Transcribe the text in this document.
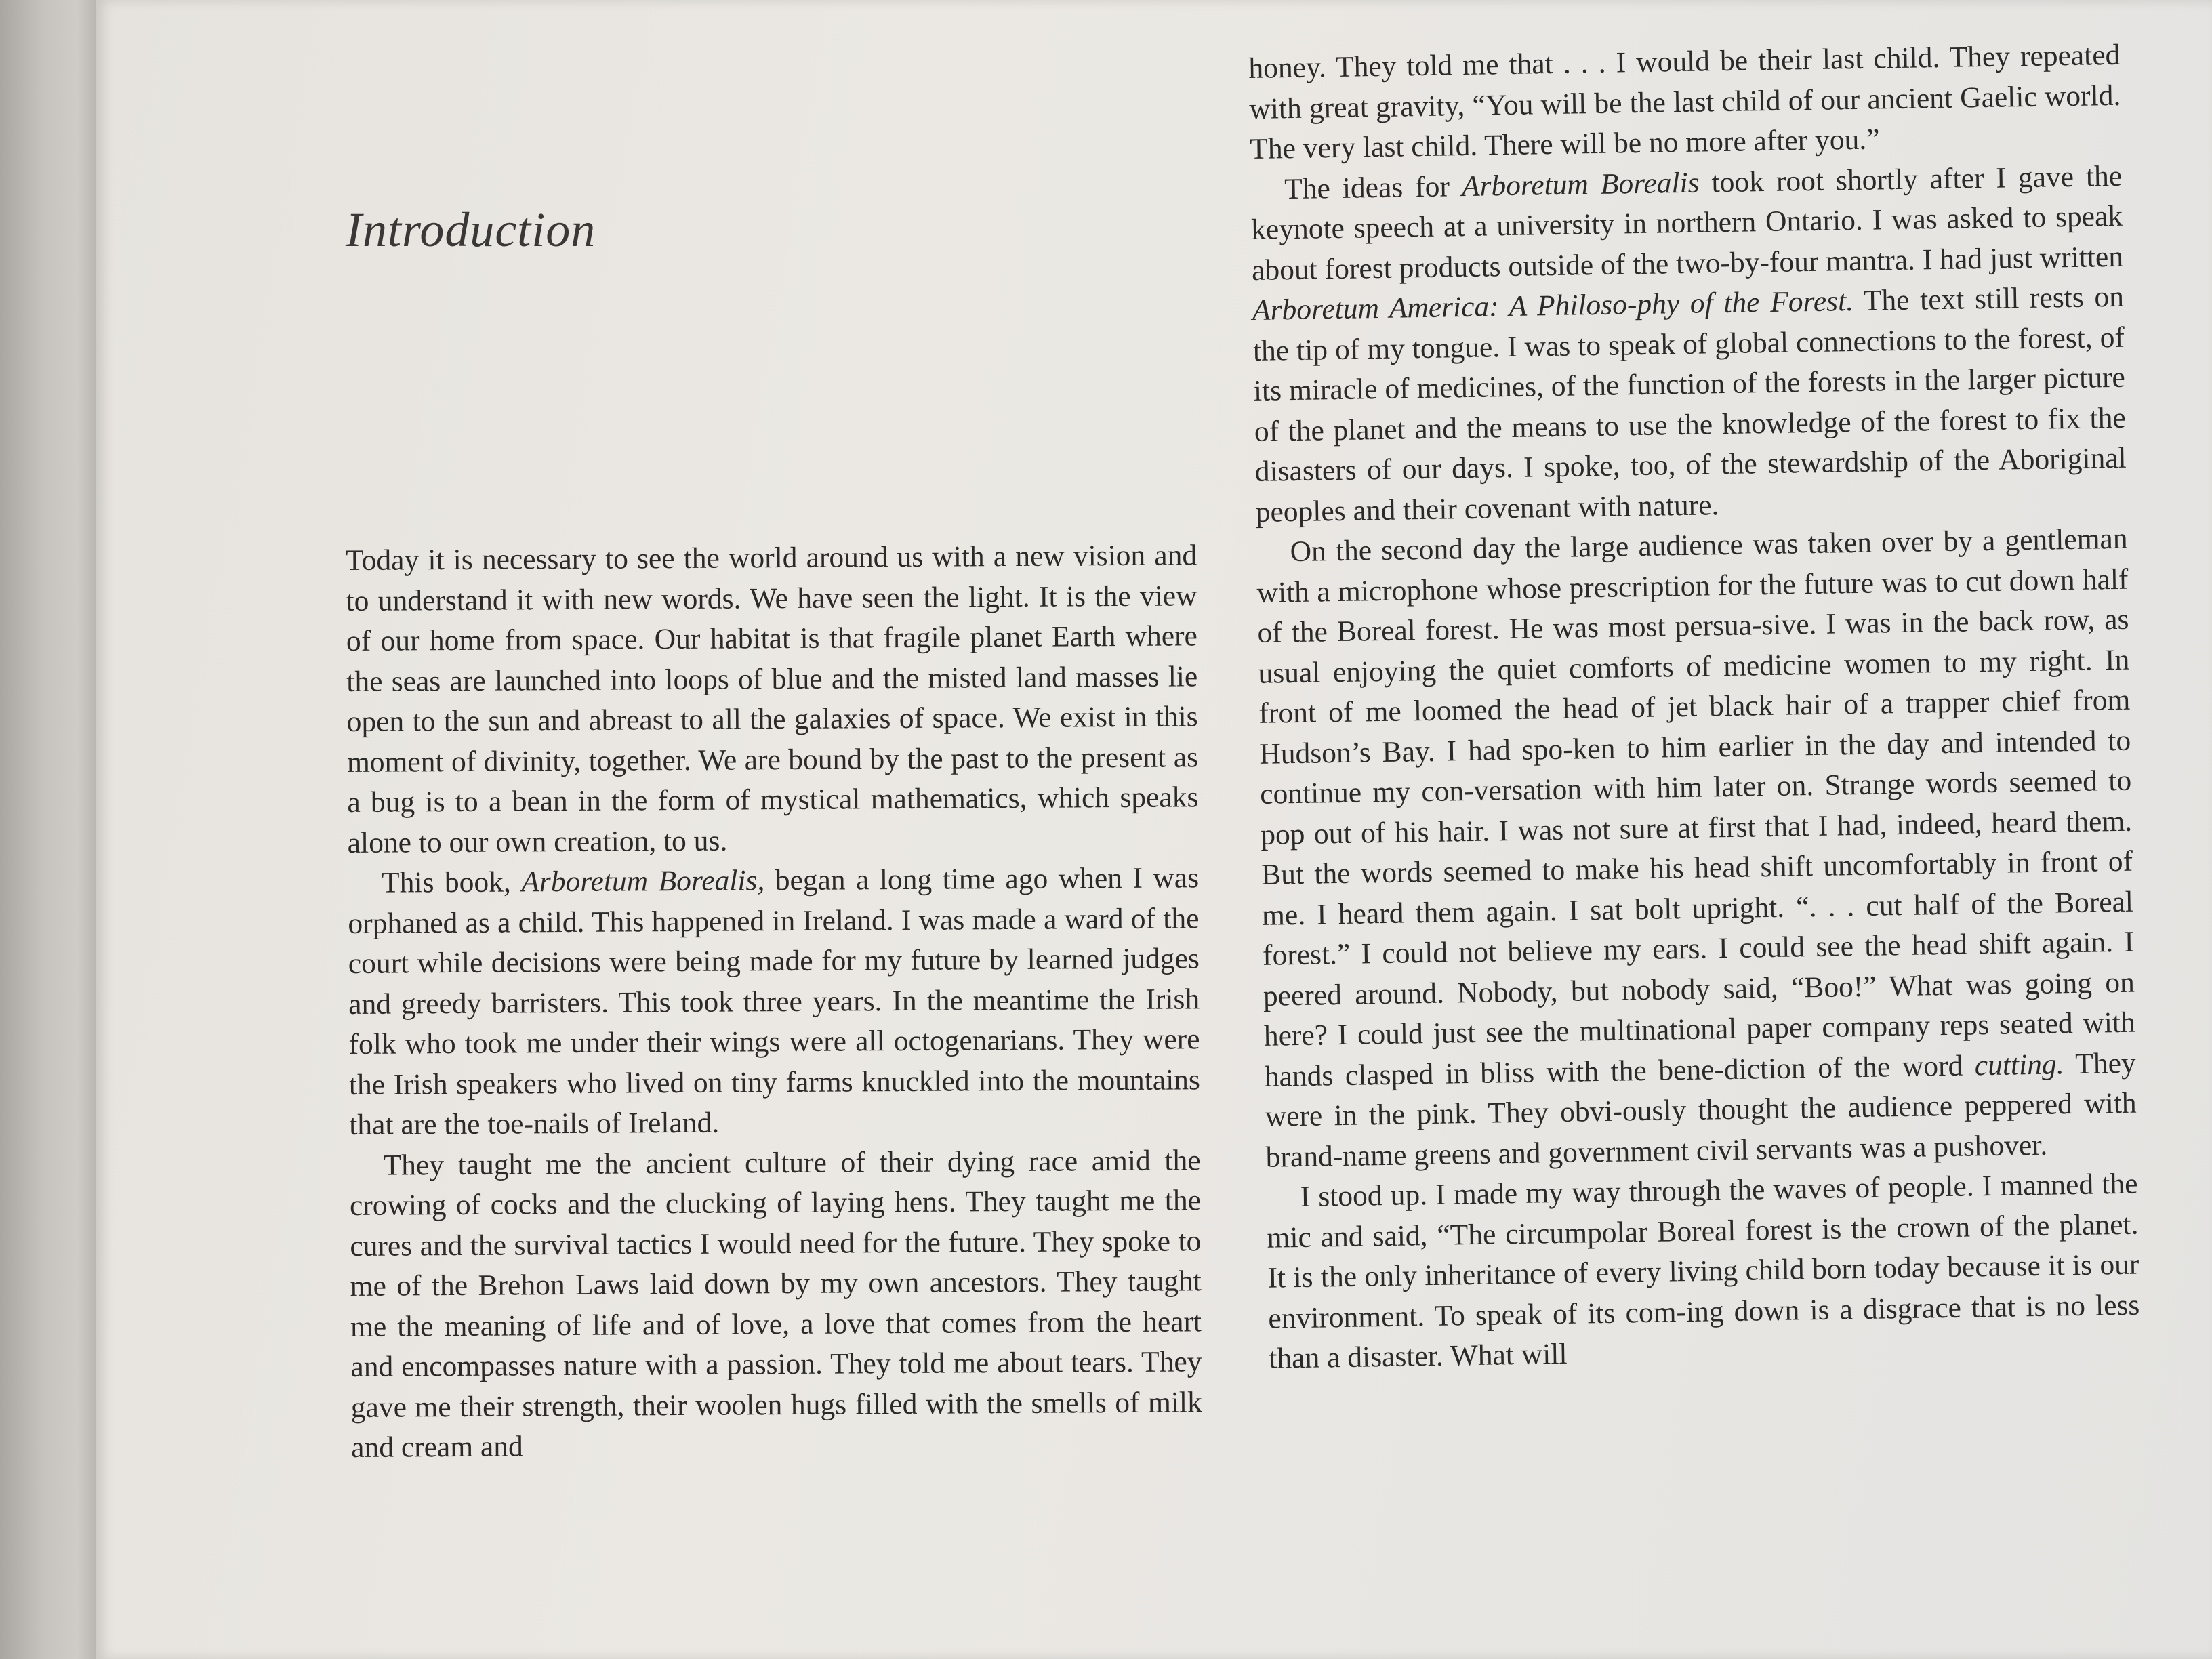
Introduction

Today it is necessary to see the world around us with a new vision and to understand it with new words. We have seen the light. It is the view of our home from space. Our habitat is that fragile planet Earth where the seas are launched into loops of blue and the misted land masses lie open to the sun and abreast to all the galaxies of space. We exist in this moment of divinity, together. We are bound by the past to the present as a bug is to a bean in the form of mystical mathematics, which speaks alone to our own creation, to us.

This book, Arboretum Borealis, began a long time ago when I was orphaned as a child. This happened in Ireland. I was made a ward of the court while decisions were being made for my future by learned judges and greedy barristers. This took three years. In the meantime the Irish folk who took me under their wings were all octogenarians. They were the Irish speakers who lived on tiny farms knuckled into the mountains that are the toe-nails of Ireland.

They taught me the ancient culture of their dying race amid the crowing of cocks and the clucking of laying hens. They taught me the cures and the survival tactics I would need for the future. They spoke to me of the Brehon Laws laid down by my own ancestors. They taught me the meaning of life and of love, a love that comes from the heart and encompasses nature with a passion. They told me about tears. They gave me their strength, their woolen hugs filled with the smells of milk and cream and

honey. They told me that . . . I would be their last child. They repeated with great gravity, “You will be the last child of our ancient Gaelic world. The very last child. There will be no more after you.”

The ideas for Arboretum Borealis took root shortly after I gave the keynote speech at a university in northern Ontario. I was asked to speak about forest products outside of the two-by-four mantra. I had just written Arboretum America: A Philoso-phy of the Forest. The text still rests on the tip of my tongue. I was to speak of global connections to the forest, of its miracle of medicines, of the function of the forests in the larger picture of the planet and the means to use the knowledge of the forest to fix the disasters of our days. I spoke, too, of the stewardship of the Aboriginal peoples and their covenant with nature.

On the second day the large audience was taken over by a gentleman with a microphone whose prescription for the future was to cut down half of the Boreal forest. He was most persua-sive. I was in the back row, as usual enjoying the quiet comforts of medicine women to my right. In front of me loomed the head of jet black hair of a trapper chief from Hudson’s Bay. I had spo-ken to him earlier in the day and intended to continue my con-versation with him later on. Strange words seemed to pop out of his hair. I was not sure at first that I had, indeed, heard them. But the words seemed to make his head shift uncomfortably in front of me. I heard them again. I sat bolt upright. “. . . cut half of the Boreal forest.” I could not believe my ears. I could see the head shift again. I peered around. Nobody, but nobody said, “Boo!” What was going on here? I could just see the multinational paper company reps seated with hands clasped in bliss with the bene-diction of the word cutting. They were in the pink. They obvi-ously thought the audience peppered with brand-name greens and government civil servants was a pushover.

I stood up. I made my way through the waves of people. I manned the mic and said, “The circumpolar Boreal forest is the crown of the planet. It is the only inheritance of every living child born today because it is our environment. To speak of its com-ing down is a disgrace that is no less than a disaster. What will
